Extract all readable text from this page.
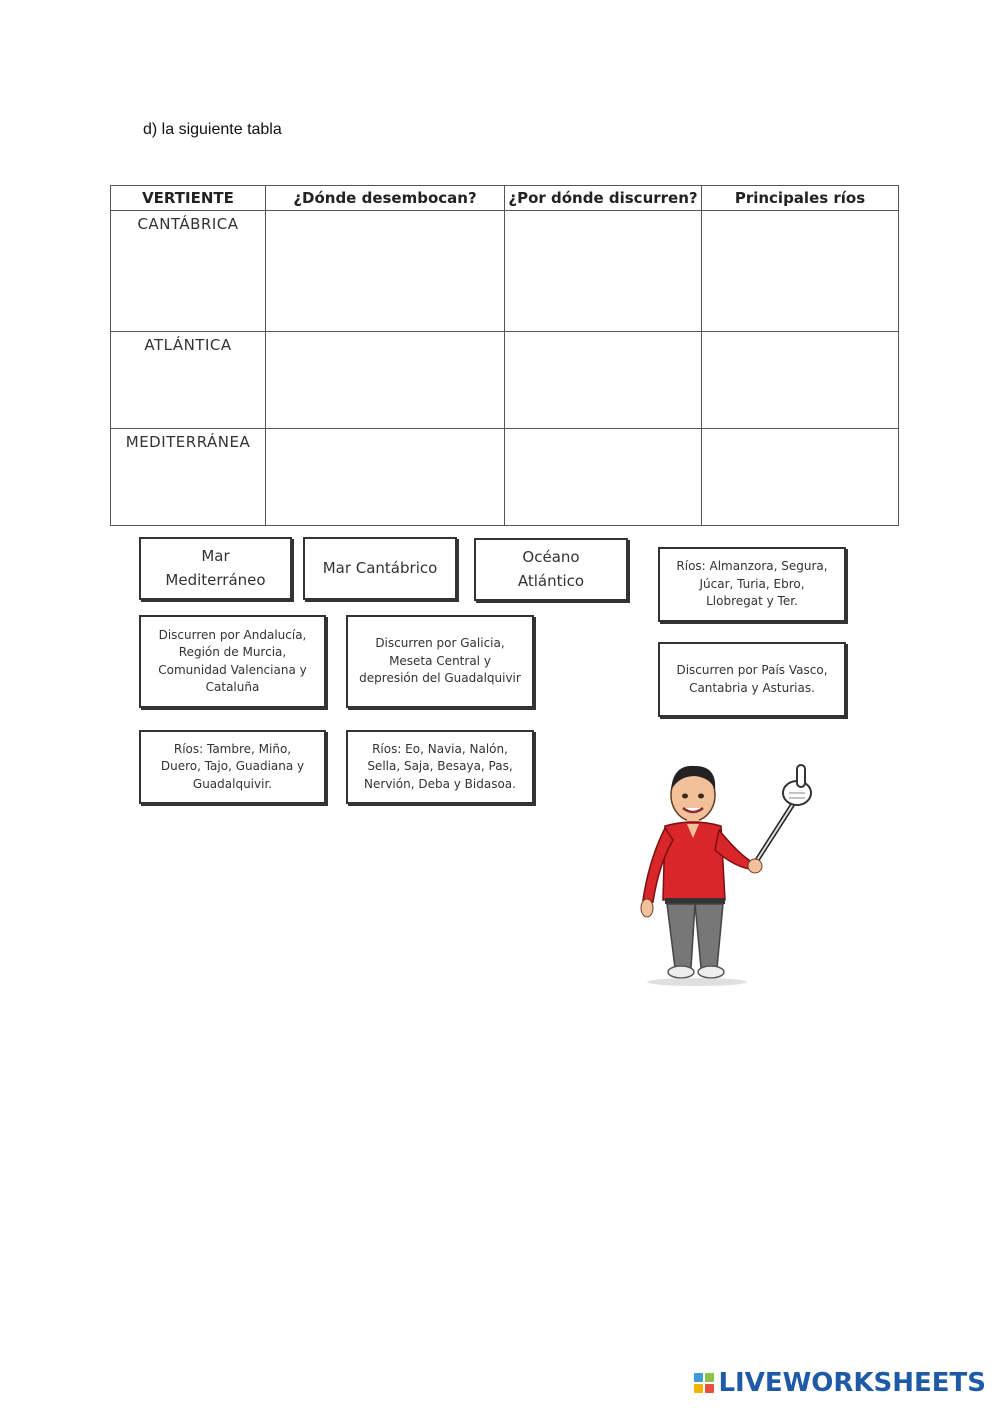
d) la siguiente tabla
VERTIENTE	¿Dónde desembocan?	¿Por dónde discurren?	Principales ríos
CANTÁBRICA			
ATLÁNTICA			
MEDITERRÁNEA			
Mar
Mediterráneo
Mar Cantábrico
Océano
Atlántico
Ríos: Almanzora, Segura,
Júcar, Turia, Ebro,
Llobregat y Ter.
Discurren por Andalucía,
Región de Murcia,
Comunidad Valenciana y
Cataluña
Discurren por Galicia,
Meseta Central y
depresión del Guadalquivir
Discurren por País Vasco,
Cantabria y Asturias.
Ríos: Tambre, Miño,
Duero, Tajo, Guadiana y
Guadalquivir.
Ríos: Eo, Navia, Nalón,
Sella, Saja, Besaya, Pas,
Nervión, Deba y Bidasoa.
LIVEWORKSHEETS
